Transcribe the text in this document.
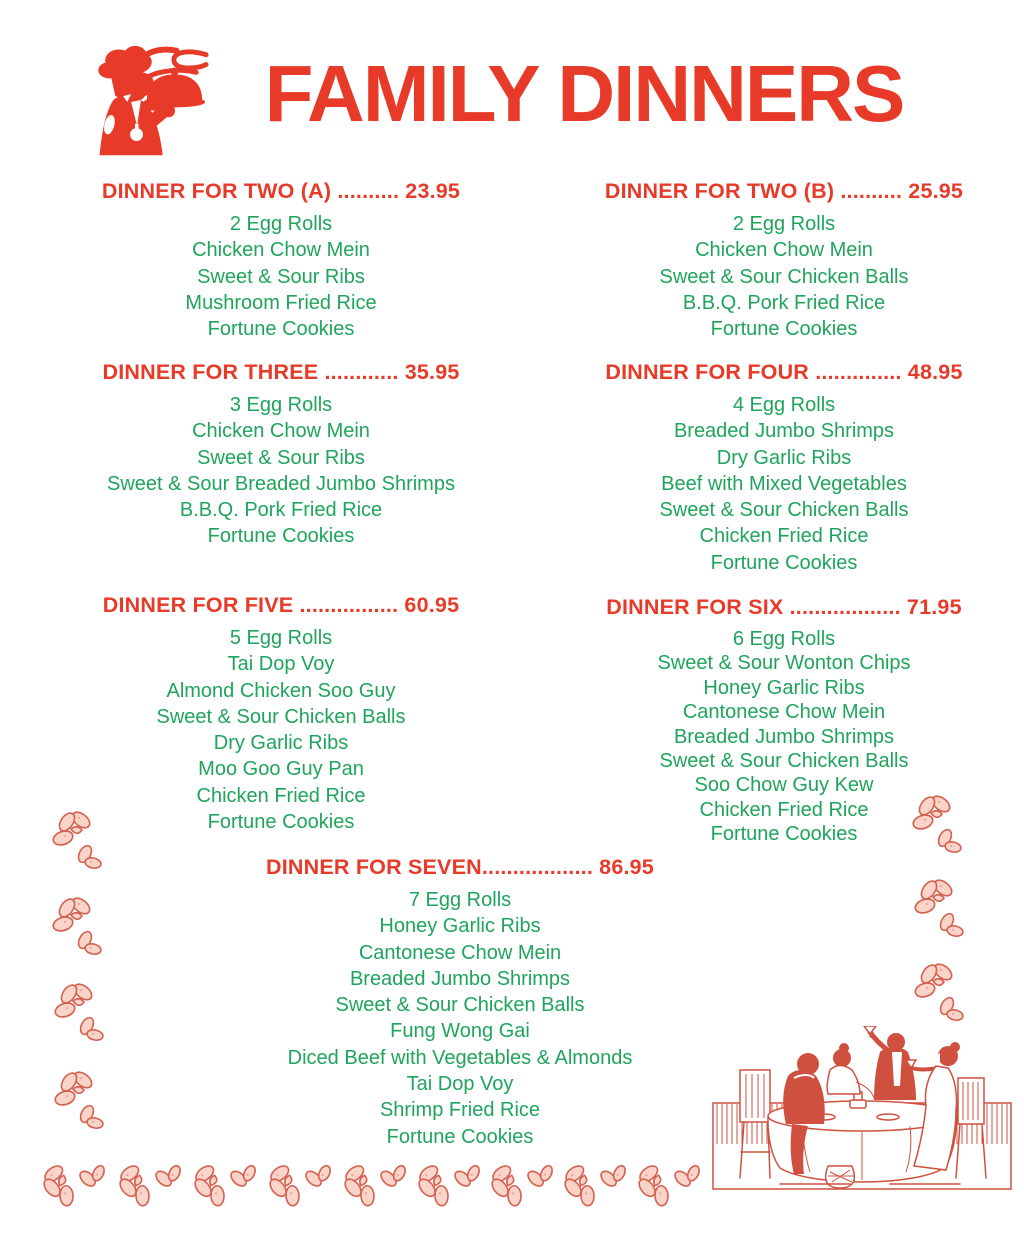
FAMILY DINNERS
DINNER FOR TWO (A) .......... 23.95
2 Egg Rolls
Chicken Chow Mein
Sweet & Sour Ribs
Mushroom Fried Rice
Fortune Cookies
DINNER FOR TWO (B) .......... 25.95
2 Egg Rolls
Chicken Chow Mein
Sweet & Sour Chicken Balls
B.B.Q. Pork Fried Rice
Fortune Cookies
DINNER FOR THREE ............ 35.95
3 Egg Rolls
Chicken Chow Mein
Sweet & Sour Ribs
Sweet & Sour Breaded Jumbo Shrimps
B.B.Q. Pork Fried Rice
Fortune Cookies
DINNER FOR FOUR .............. 48.95
4 Egg Rolls
Breaded Jumbo Shrimps
Dry Garlic Ribs
Beef with Mixed Vegetables
Sweet & Sour Chicken Balls
Chicken Fried Rice
Fortune Cookies
DINNER FOR FIVE ................ 60.95
5 Egg Rolls
Tai Dop Voy
Almond Chicken Soo Guy
Sweet & Sour Chicken Balls
Dry Garlic Ribs
Moo Goo Guy Pan
Chicken Fried Rice
Fortune Cookies
DINNER FOR SIX .................. 71.95
6 Egg Rolls
Sweet & Sour Wonton Chips
Honey Garlic Ribs
Cantonese Chow Mein
Breaded Jumbo Shrimps
Sweet & Sour Chicken Balls
Soo Chow Guy Kew
Chicken Fried Rice
Fortune Cookies
DINNER FOR SEVEN.................. 86.95
7 Egg Rolls
Honey Garlic Ribs
Cantonese Chow Mein
Breaded Jumbo Shrimps
Sweet & Sour Chicken Balls
Fung Wong Gai
Diced Beef with Vegetables & Almonds
Tai Dop Voy
Shrimp Fried Rice
Fortune Cookies
